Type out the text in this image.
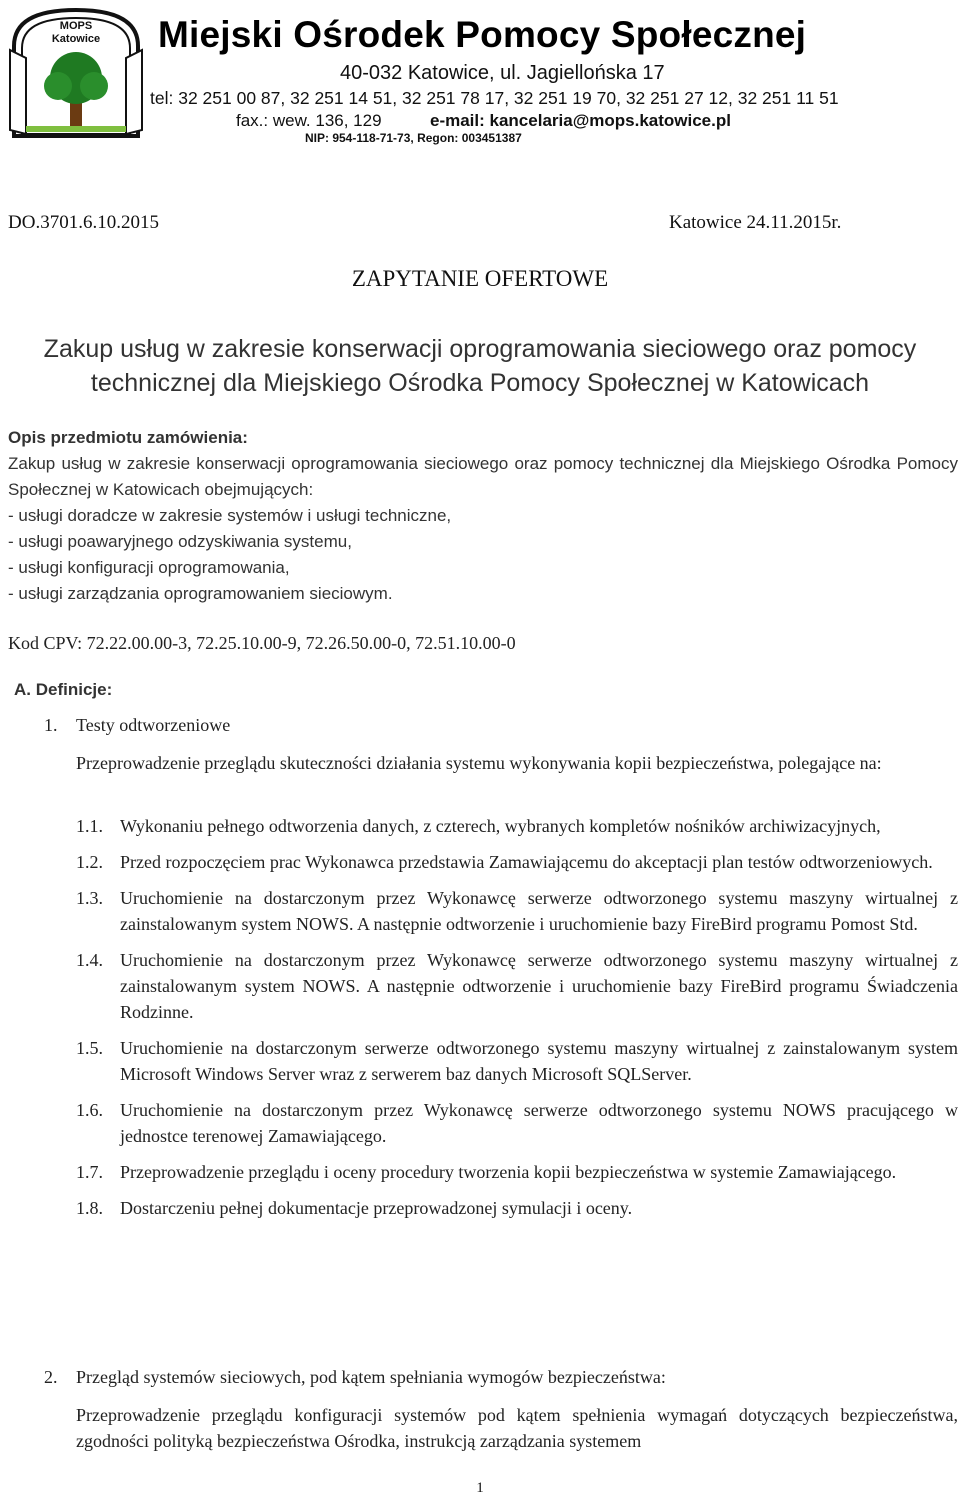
MOPS
Katowice	Miejski Ośrodek Pomocy Społecznej
40-032 Katowice, ul. Jagiellońska 17
tel: 32 251 00 87, 32 251 14 51, 32 251 78 17, 32 251 19 70, 32 251 27 12, 32 251 11 51
fax.: wew. 136, 129	e-mail: kancelaria@mops.katowice.pl
NIP: 954-118-71-73, Regon: 003451387
DO.3701.6.10.2015	Katowice 24.11.2015r.
ZAPYTANIE OFERTOWE
Zakup usług w zakresie konserwacji oprogramowania sieciowego oraz pomocy
technicznej dla Miejskiego Ośrodka Pomocy Społecznej w Katowicach
Opis przedmiotu zamówienia:
Zakup usług w zakresie konserwacji oprogramowania sieciowego oraz pomocy technicznej dla Miejskiego Ośrodka Pomocy Społecznej w Katowicach obejmujących:
- usługi doradcze w zakresie systemów i usługi techniczne,
- usługi poawaryjnego odzyskiwania systemu,
- usługi konfiguracji oprogramowania,
- usługi zarządzania oprogramowaniem sieciowym.
Kod CPV: 72.22.00.00-3, 72.25.10.00-9, 72.26.50.00-0, 72.51.10.00-0
A. Definicje:
1. Testy odtworzeniowe
Przeprowadzenie przeglądu skuteczności działania systemu wykonywania kopii bezpieczeństwa, polegające na:
1.1. Wykonaniu pełnego odtworzenia danych, z czterech, wybranych kompletów nośników archiwizacyjnych,
1.2. Przed rozpoczęciem prac Wykonawca przedstawia Zamawiającemu do akceptacji plan testów odtworzeniowych.
1.3. Uruchomienie na dostarczonym przez Wykonawcę serwerze odtworzonego systemu maszyny wirtualnej z zainstalowanym system NOWS. A następnie odtworzenie i uruchomienie bazy FireBird programu Pomost Std.
1.4. Uruchomienie na dostarczonym przez Wykonawcę serwerze odtworzonego systemu maszyny wirtualnej z zainstalowanym system NOWS. A następnie odtworzenie i uruchomienie bazy FireBird programu Świadczenia Rodzinne.
1.5. Uruchomienie na dostarczonym serwerze odtworzonego systemu maszyny wirtualnej z zainstalowanym system Microsoft Windows Server wraz z serwerem baz danych Microsoft SQLServer.
1.6. Uruchomienie na dostarczonym przez Wykonawcę serwerze odtworzonego systemu NOWS pracującego w jednostce terenowej Zamawiającego.
1.7. Przeprowadzenie przeglądu i oceny procedury tworzenia kopii bezpieczeństwa w systemie Zamawiającego.
1.8. Dostarczeniu pełnej dokumentacje przeprowadzonej symulacji i oceny.
2. Przegląd systemów sieciowych, pod kątem spełniania wymogów bezpieczeństwa:
Przeprowadzenie przeglądu konfiguracji systemów pod kątem spełnienia wymagań dotyczących bezpieczeństwa, zgodności polityką bezpieczeństwa Ośrodka, instrukcją zarządzania systemem
1
